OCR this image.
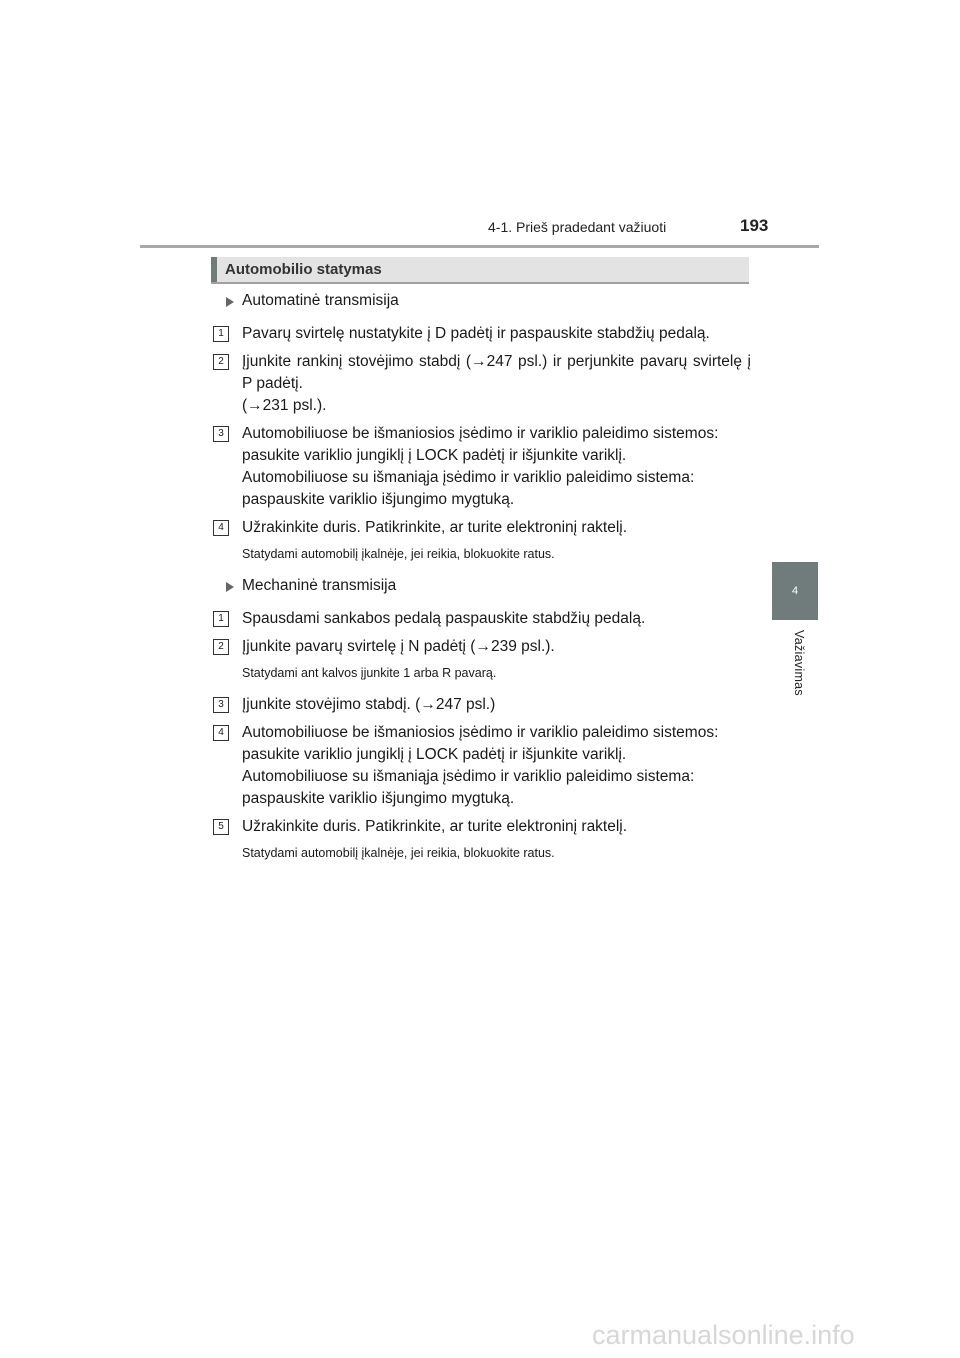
4-1. Prieš pradedant važiuoti	193
4
Važiavimas
Automobilio statymas
Automatinė transmisija
1	Pavarų svirtelę nustatykite į D padėtį ir paspauskite stabdžių pedalą.
2	Įjunkite rankinį stovėjimo stabdį (→247 psl.) ir perjunkite pavarų svirtelę į P padėtį.
(→231 psl.).
3	Automobiliuose be išmaniosios įsėdimo ir variklio paleidimo sistemos:
pasukite variklio jungiklį į LOCK padėtį ir išjunkite variklį.
Automobiliuose su išmaniąja įsėdimo ir variklio paleidimo sistema:
paspauskite variklio išjungimo mygtuką.
4	Užrakinkite duris. Patikrinkite, ar turite elektroninį raktelį.
Statydami automobilį įkalnėje, jei reikia, blokuokite ratus.
Mechaninė transmisija
1	Spausdami sankabos pedalą paspauskite stabdžių pedalą.
2	Įjunkite pavarų svirtelę į N padėtį (→239 psl.).
Statydami ant kalvos įjunkite 1 arba R pavarą.
3	Įjunkite stovėjimo stabdį. (→247 psl.)
4	Automobiliuose be išmaniosios įsėdimo ir variklio paleidimo sistemos:
pasukite variklio jungiklį į LOCK padėtį ir išjunkite variklį.
Automobiliuose su išmaniąja įsėdimo ir variklio paleidimo sistema:
paspauskite variklio išjungimo mygtuką.
5	Užrakinkite duris. Patikrinkite, ar turite elektroninį raktelį.
Statydami automobilį įkalnėje, jei reikia, blokuokite ratus.
carmanualsonline.info
